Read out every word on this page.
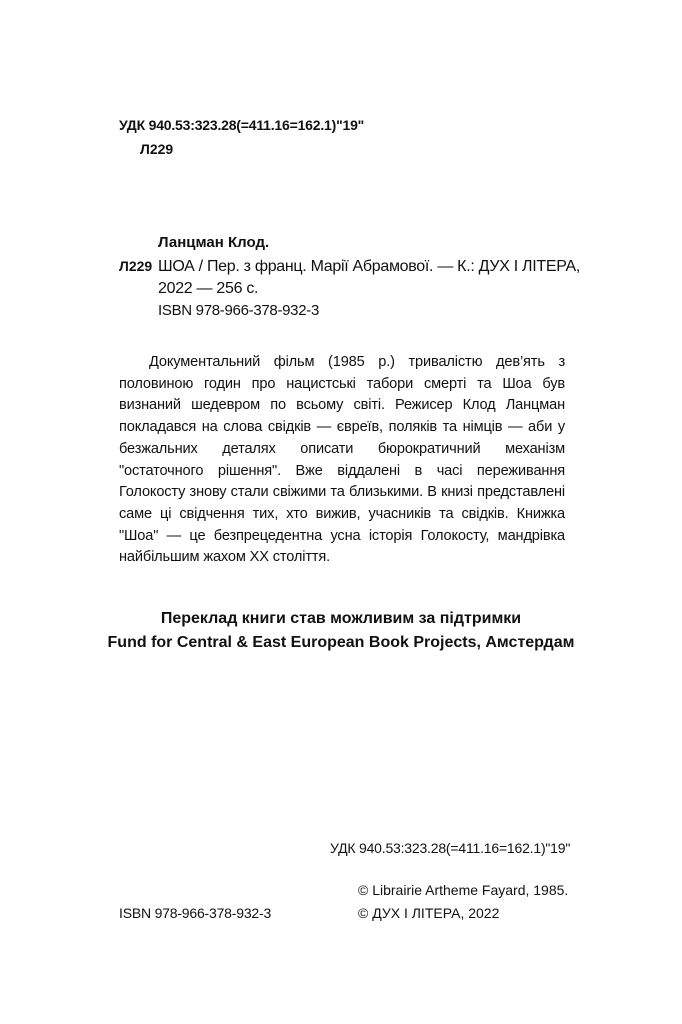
УДК 940.53:323.28(=411.16=162.1)"19"
Л229
Ланцман Клод.
Л229 ШОА / Пер. з франц. Марії Абрамової. — К.: ДУХ І ЛІТЕРА,
2022 — 256 с.
ISBN 978-966-378-932-3
Документальний фільм (1985 р.) тривалістю дев’ять з половиною годин про нацистські табори смерті та Шоа був визнаний шедевром по всьому світі. Режисер Клод Ланцман покладався на слова свідків — євреїв, поляків та німців — аби у безжальних деталях описати бюрократичний механізм "остаточного рішення". Вже віддалені в часі переживання Голокосту знову стали свіжими та близькими. В книзі представлені саме ці свідчення тих, хто вижив, учасників та свідків. Книжка "Шоа" — це безпрецедентна усна історія Голокосту, мандрівка найбільшим жахом XX століття.
Переклад книги став можливим за підтримки
Fund for Central & East European Book Projects, Амстердам
УДК 940.53:323.28(=411.16=162.1)"19"
© Librairie Artheme Fayard, 1985.
© ДУХ І ЛІТЕРА, 2022
ISBN 978-966-378-932-3
